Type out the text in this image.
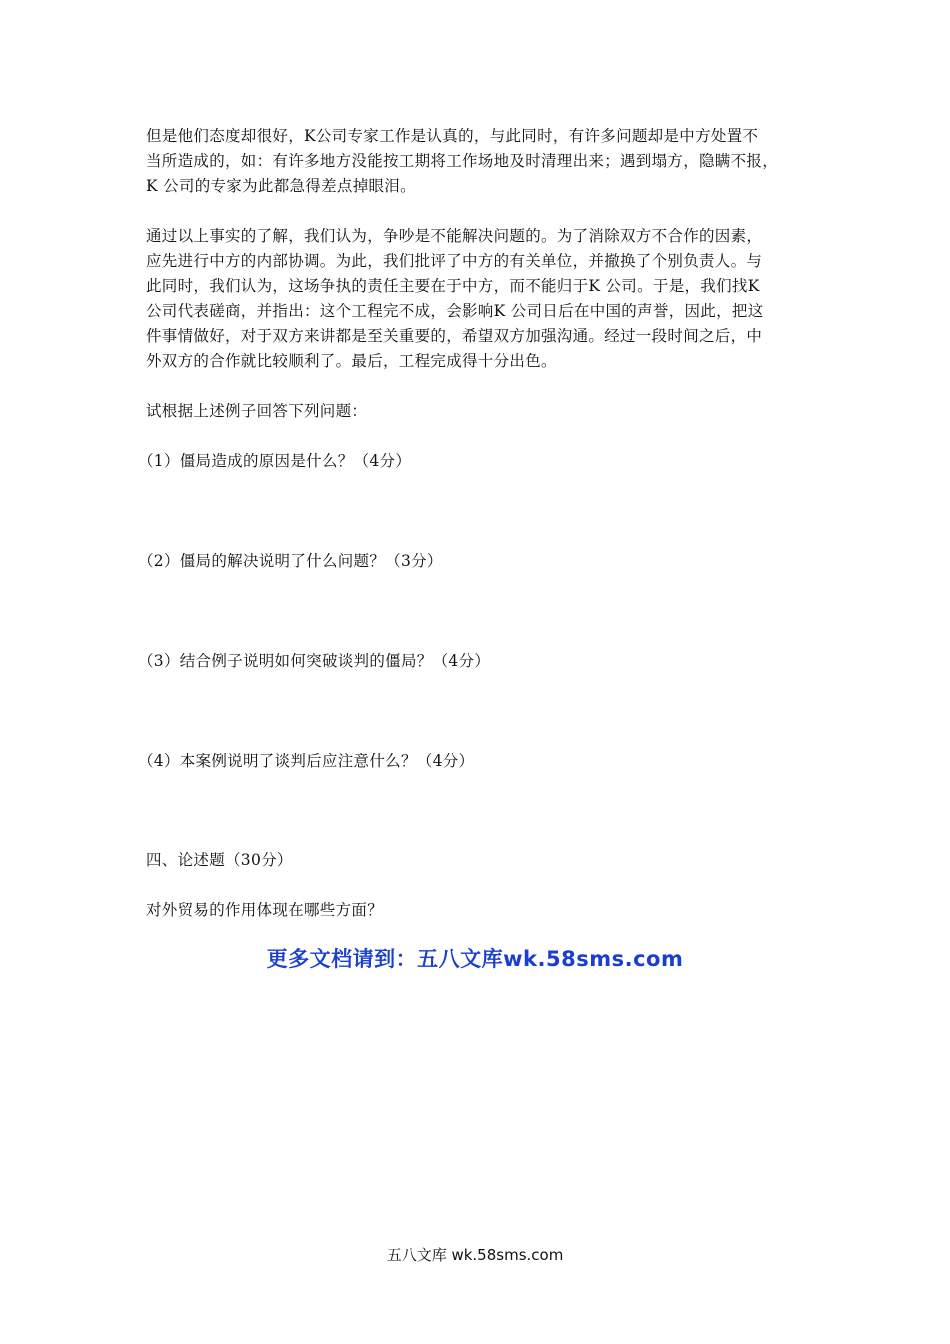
但是他们态度却很好，K公司专家工作是认真的，与此同时，有许多问题却是中方处置不
当所造成的，如：有许多地方没能按工期将工作场地及时清理出来；遇到塌方，隐瞒不报，
K 公司的专家为此都急得差点掉眼泪。
通过以上事实的了解，我们认为，争吵是不能解决问题的。为了消除双方不合作的因素，
应先进行中方的内部协调。为此，我们批评了中方的有关单位，并撤换了个别负责人。与
此同时，我们认为，这场争执的责任主要在于中方，而不能归于K 公司。于是，我们找K
公司代表磋商，并指出：这个工程完不成，会影响K 公司日后在中国的声誉，因此，把这
件事情做好，对于双方来讲都是至关重要的，希望双方加强沟通。经过一段时间之后，中
外双方的合作就比较顺利了。最后，工程完成得十分出色。

试根据上述例子回答下列问题：

（1）僵局造成的原因是什么？（4分）

（2）僵局的解决说明了什么问题？（3分）

（3）结合例子说明如何突破谈判的僵局？（4分）

（4）本案例说明了谈判后应注意什么？（4分）

四、论述题（30分）

对外贸易的作用体现在哪些方面？

更多文档请到：五八文库wk.58sms.com
五八文库 wk.58sms.com
